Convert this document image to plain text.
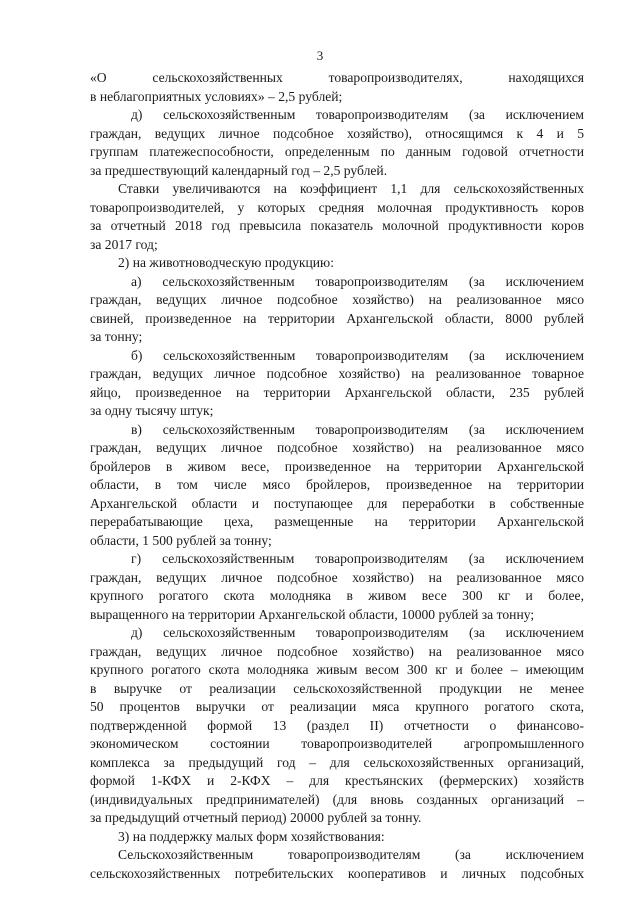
3
«О сельскохозяйственных товаропроизводителях, находящихся
в неблагоприятных условиях» – 2,5 рублей;
д) сельскохозяйственным товаропроизводителям (за исключением
граждан, ведущих личное подсобное хозяйство), относящимся к 4 и 5
группам платежеспособности, определенным по данным годовой отчетности
за предшествующий календарный год – 2,5 рублей.
Ставки увеличиваются на коэффициент 1,1 для сельскохозяйственных
товаропроизводителей, у которых средняя молочная продуктивность коров
за отчетный 2018 год превысила показатель молочной продуктивности коров
за 2017 год;
2) на животноводческую продукцию:
а) сельскохозяйственным товаропроизводителям (за исключением
граждан, ведущих личное подсобное хозяйство) на реализованное мясо
свиней, произведенное на территории Архангельской области, 8000 рублей
за тонну;
б) сельскохозяйственным товаропроизводителям (за исключением
граждан, ведущих личное подсобное хозяйство) на реализованное товарное
яйцо, произведенное на территории Архангельской области, 235 рублей
за одну тысячу штук;
в) сельскохозяйственным товаропроизводителям (за исключением
граждан, ведущих личное подсобное хозяйство) на реализованное мясо
бройлеров в живом весе, произведенное на территории Архангельской
области, в том числе мясо бройлеров, произведенное на территории
Архангельской области и поступающее для переработки в собственные
перерабатывающие цеха, размещенные на территории Архангельской
области, 1 500 рублей за тонну;
г) сельскохозяйственным товаропроизводителям (за исключением
граждан, ведущих личное подсобное хозяйство) на реализованное мясо
крупного рогатого скота молодняка в живом весе 300 кг и более,
выращенного на территории Архангельской области, 10000 рублей за тонну;
д) сельскохозяйственным товаропроизводителям (за исключением
граждан, ведущих личное подсобное хозяйство) на реализованное мясо
крупного рогатого скота молодняка живым весом 300 кг и более – имеющим
в выручке от реализации сельскохозяйственной продукции не менее
50 процентов выручки от реализации мяса крупного рогатого скота,
подтвержденной формой 13 (раздел II) отчетности о финансово-
экономическом состоянии товаропроизводителей агропромышленного
комплекса за предыдущий год – для сельскохозяйственных организаций,
формой 1-КФХ и 2-КФХ – для крестьянских (фермерских) хозяйств
(индивидуальных предпринимателей) (для вновь созданных организаций –
за предыдущий отчетный период) 20000 рублей за тонну.
3) на поддержку малых форм хозяйствования:
Сельскохозяйственным товаропроизводителям (за исключением
сельскохозяйственных потребительских кооперативов и личных подсобных
